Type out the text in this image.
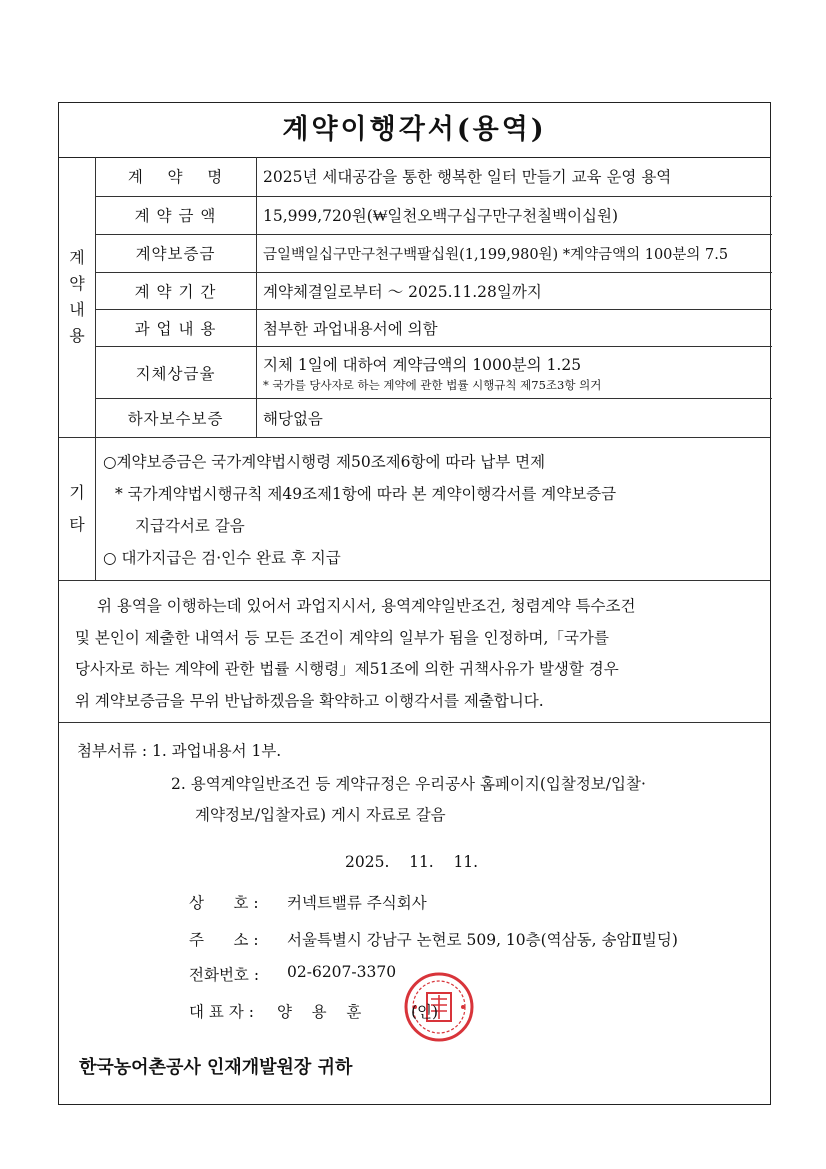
계약이행각서(용역)
계
약
내
용
계    약    명	2025년 세대공감을 통한 행복한 일터 만들기 교육 운영 용역
계 약 금 액	15,999,720원(₩일천오백구십구만구천칠백이십원)
계약보증금	금일백일십구만구천구백팔십원(1,199,980원) *계약금액의 100분의 7.5
계 약 기 간	계약체결일로부터 ～ 2025.11.28일까지
과 업 내 용	첨부한 과업내용서에 의함
지체상금율	지체 1일에 대하여 계약금액의 1000분의 1.25
* 국가를 당사자로 하는 계약에 관한 법률 시행규칙 제75조3항 의거

하자보수보증	해당없음
기
타
○계약보증금은 국가계약법시행령 제50조제6항에 따라 납부 면제
* 국가계약법시행규칙 제49조제1항에 따라 본 계약이행각서를 계약보증금
지급각서로 갈음
○ 대가지급은 검·인수 완료 후 지급
위 용역을 이행하는데 있어서 과업지시서, 용역계약일반조건, 청렴계약 특수조건
및 본인이 제출한 내역서 등 모든 조건이 계약의 일부가 됨을 인정하며,「국가를
당사자로 하는 계약에 관한 법률 시행령」제51조에 의한 귀책사유가 발생할 경우
위 계약보증금을 무위 반납하겠음을 확약하고 이행각서를 제출합니다.
첨부서류 : 1. 과업내용서 1부.
2. 용역계약일반조건 등 계약규정은 우리공사 홈페이지(입찰정보/입찰·
계약정보/입찰자료) 게시 자료로 갈음
2025.    11.    11.
상      호 : 커넥트밸류 주식회사
주      소 : 서울특별시 강남구 논현로 509, 10층(역삼동, 송암Ⅱ빌딩)
전화번호 : 02-6207-3370
대 표 자 : 양    용    훈	(인)
한국농어촌공사 인재개발원장 귀하
